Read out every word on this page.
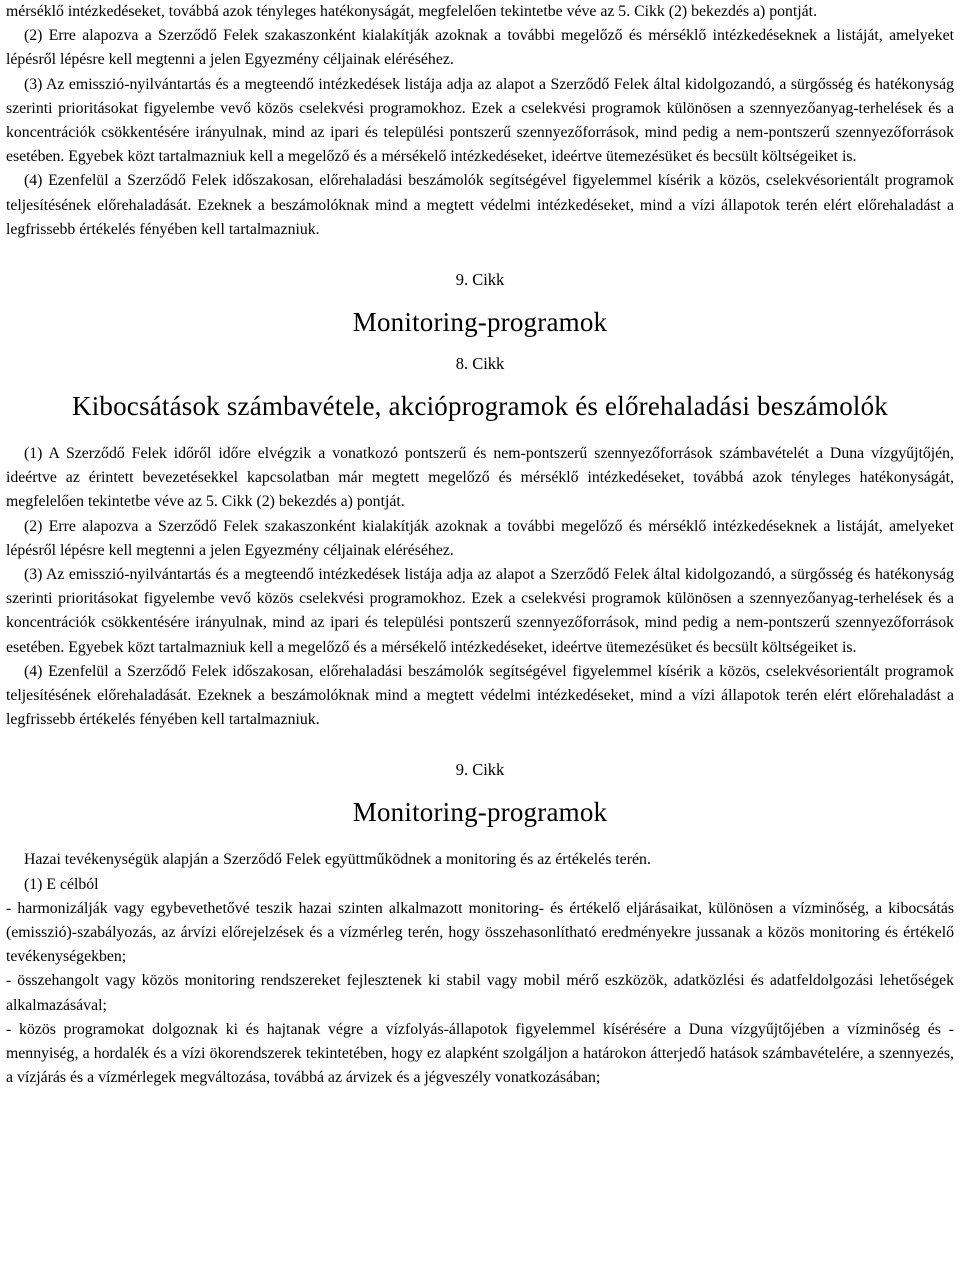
mérséklő intézkedéseket, továbbá azok tényleges hatékonyságát, megfelelően tekintetbe véve az 5. Cikk (2) bekezdés a) pontját.

(2) Erre alapozva a Szerződő Felek szakaszonként kialakítják azoknak a további megelőző és mérséklő intézkedéseknek a listáját, amelyeket lépésről lépésre kell megtenni a jelen Egyezmény céljainak eléréséhez.

(3) Az emisszió-nyilvántartás és a megteendő intézkedések listája adja az alapot a Szerződő Felek által kidolgozandó, a sürgősség és hatékonyság szerinti prioritásokat figyelembe vevő közös cselekvési programokhoz. Ezek a cselekvési programok különösen a szennyezőanyag-terhelések és a koncentrációk csökkentésére irányulnak, mind az ipari és települési pontszerű szennyezőforrások, mind pedig a nem-pontszerű szennyezőforrások esetében. Egyebek közt tartalmazniuk kell a megelőző és a mérsékelő intézkedéseket, ideértve ütemezésüket és becsült költségeiket is.

(4) Ezenfelül a Szerződő Felek időszakosan, előrehaladási beszámolók segítségével figyelemmel kísérik a közös, cselekvésorientált programok teljesítésének előrehaladását. Ezeknek a beszámolóknak mind a megtett védelmi intézkedéseket, mind a vízi állapotok terén elért előrehaladást a legfrissebb értékelés fényében kell tartalmazniuk.

9. Cikk

Monitoring-programok

8. Cikk

Kibocsátások számbavétele, akcióprogramok és előrehaladási beszámolók

(1) A Szerződő Felek időről időre elvégzik a vonatkozó pontszerű és nem-pontszerű szennyezőforrások számbavételét a Duna vízgyűjtőjén, ideértve az érintett bevezetésekkel kapcsolatban már megtett megelőző és mérséklő intézkedéseket, továbbá azok tényleges hatékonyságát, megfelelően tekintetbe véve az 5. Cikk (2) bekezdés a) pontját.

(2) Erre alapozva a Szerződő Felek szakaszonként kialakítják azoknak a további megelőző és mérséklő intézkedéseknek a listáját, amelyeket lépésről lépésre kell megtenni a jelen Egyezmény céljainak eléréséhez.

(3) Az emisszió-nyilvántartás és a megteendő intézkedések listája adja az alapot a Szerződő Felek által kidolgozandó, a sürgősség és hatékonyság szerinti prioritásokat figyelembe vevő közös cselekvési programokhoz. Ezek a cselekvési programok különösen a szennyezőanyag-terhelések és a koncentrációk csökkentésére irányulnak, mind az ipari és települési pontszerű szennyezőforrások, mind pedig a nem-pontszerű szennyezőforrások esetében. Egyebek közt tartalmazniuk kell a megelőző és a mérsékelő intézkedéseket, ideértve ütemezésüket és becsült költségeiket is.

(4) Ezenfelül a Szerződő Felek időszakosan, előrehaladási beszámolók segítségével figyelemmel kísérik a közös, cselekvésorientált programok teljesítésének előrehaladását. Ezeknek a beszámolóknak mind a megtett védelmi intézkedéseket, mind a vízi állapotok terén elért előrehaladást a legfrissebb értékelés fényében kell tartalmazniuk.

9. Cikk

Monitoring-programok

Hazai tevékenységük alapján a Szerződő Felek együttműködnek a monitoring és az értékelés terén.

(1) E célból

- harmonizálják vagy egybevethetővé teszik hazai szinten alkalmazott monitoring- és értékelő eljárásaikat, különösen a vízminőség, a kibocsátás (emisszió)-szabályozás, az árvízi előrejelzések és a vízmérleg terén, hogy összehasonlítható eredményekre jussanak a közös monitoring és értékelő tevékenységekben;

- összehangolt vagy közös monitoring rendszereket fejlesztenek ki stabil vagy mobil mérő eszközök, adatközlési és adatfeldolgozási lehetőségek alkalmazásával;

- közös programokat dolgoznak ki és hajtanak végre a vízfolyás-állapotok figyelemmel kísérésére a Duna vízgyűjtőjében a vízminőség és -mennyiség, a hordalék és a vízi ökorendszerek tekintetében, hogy ez alapként szolgáljon a határokon átterjedő hatások számbavételére, a szennyezés, a vízjárás és a vízmérlegek megváltozása, továbbá az árvizek és a jégveszély vonatkozásában;
